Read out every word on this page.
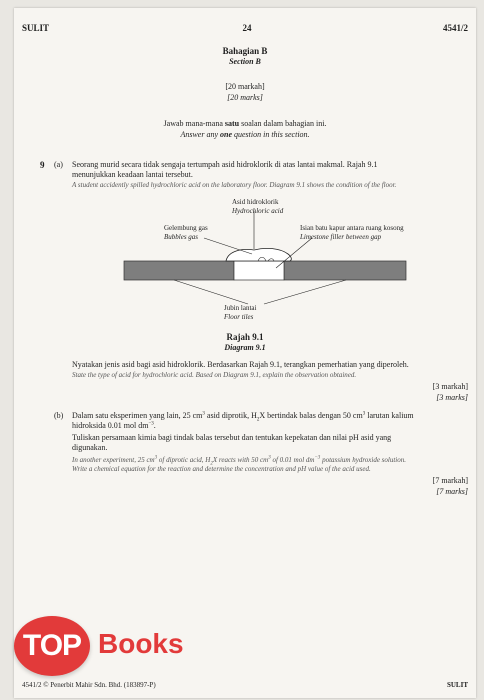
SULIT	24	4541/2
Bahagian B
Section B
[20 markah]
[20 marks]
Jawab mana-mana satu soalan dalam bahagian ini.
Answer any one question in this section.
9 (a) Seorang murid secara tidak sengaja tertumpah asid hidroklorik di atas lantai makmal. Rajah 9.1
menunjukkan keadaan lantai tersebut.
A student accidently spilled hydrochloric acid on the laboratory floor. Diagram 9.1 shows the condition of the floor.
Asid hidroklorik
Hydrochloric acid
Gelembung gas
Bubbles gas
Isian batu kapur antara ruang kosong
Limestone filler between gap
Jubin lantai
Floor tiles
Rajah 9.1
Diagram 9.1
Nyatakan jenis asid bagi asid hidroklorik. Berdasarkan Rajah 9.1, terangkan pemerhatian yang diperoleh.
State the type of acid for hydrochloric acid. Based on Diagram 9.1, explain the observation obtained.
[3 markah]
[3 marks]
(b) Dalam satu eksperimen yang lain, 25 $cm^3$ asid diprotik, $H_2X$ bertindak balas dengan 50 $cm^3$ larutan kalium
hidroksida 0.01 mol $dm^{-3}$.
Tuliskan persamaan kimia bagi tindak balas tersebut dan tentukan kepekatan dan nilai pH asid yang
digunakan.
In another experiment, 25 $cm^3$ of diprotic acid, $H_2X$ reacts with 50 $cm^3$ of 0.01 mol $dm^{-3}$ potassium hydroxide solution.
Write a chemical equation for the reaction and determine the concentration and pH value of the acid used.
[7 markah]
[7 marks]
4541/2 © Penerbit Mahir Sdn. Bhd. (183897-P)	SULIT
TOP Books
